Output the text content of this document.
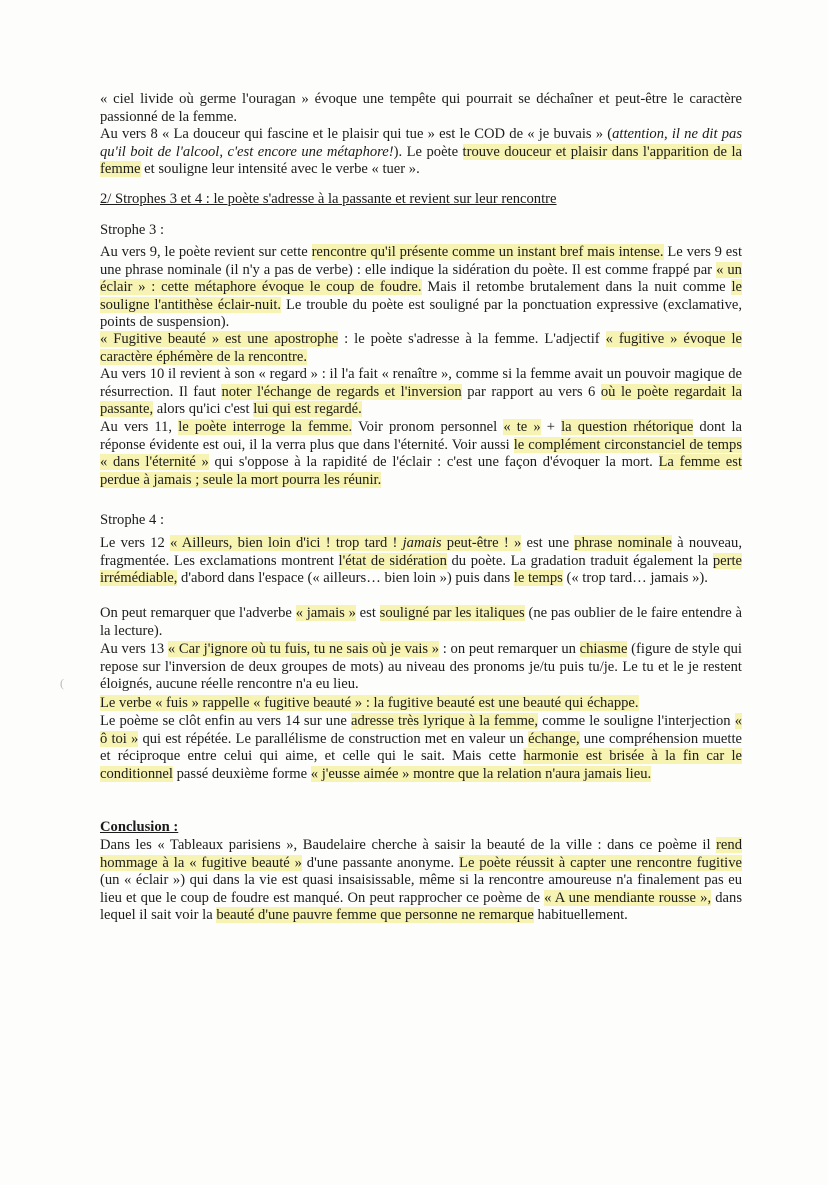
« ciel livide où germe l'ouragan » évoque une tempête qui pourrait se déchaîner et peut-être le caractère passionné de la femme.

Au vers 8 « La douceur qui fascine et le plaisir qui tue » est le COD de « je buvais » (attention, il ne dit pas qu'il boit de l'alcool, c'est encore une métaphore!). Le poète trouve douceur et plaisir dans l'apparition de la femme et souligne leur intensité avec le verbe « tuer ».

2/ Strophes 3 et 4 : le poète s'adresse à la passante et revient sur leur rencontre

Strophe 3 :

Au vers 9, le poète revient sur cette rencontre qu'il présente comme un instant bref mais intense. Le vers 9 est une phrase nominale (il n'y a pas de verbe) : elle indique la sidération du poète. Il est comme frappé par « un éclair » : cette métaphore évoque le coup de foudre. Mais il retombe brutalement dans la nuit comme le souligne l'antithèse éclair-nuit. Le trouble du poète est souligné par la ponctuation expressive (exclamative, points de suspension).

« Fugitive beauté » est une apostrophe : le poète s'adresse à la femme. L'adjectif « fugitive » évoque le caractère éphémère de la rencontre.

Au vers 10 il revient à son « regard » : il l'a fait « renaître », comme si la femme avait un pouvoir magique de résurrection. Il faut noter l'échange de regards et l'inversion par rapport au vers 6 où le poète regardait la passante, alors qu'ici c'est lui qui est regardé.

Au vers 11, le poète interroge la femme. Voir pronom personnel « te » + la question rhétorique dont la réponse évidente est oui, il la verra plus que dans l'éternité. Voir aussi le complément circonstanciel de temps « dans l'éternité » qui s'oppose à la rapidité de l'éclair : c'est une façon d'évoquer la mort. La femme est perdue à jamais ; seule la mort pourra les réunir.

Strophe 4 :

Le vers 12 « Ailleurs, bien loin d'ici ! trop tard ! jamais peut-être ! » est une phrase nominale à nouveau, fragmentée. Les exclamations montrent l'état de sidération du poète. La gradation traduit également la perte irrémédiable, d'abord dans l'espace (« ailleurs… bien loin ») puis dans le temps (« trop tard… jamais »).

On peut remarquer que l'adverbe « jamais » est souligné par les italiques (ne pas oublier de le faire entendre à la lecture).

Au vers 13 « Car j'ignore où tu fuis, tu ne sais où je vais » : on peut remarquer un chiasme (figure de style qui repose sur l'inversion de deux groupes de mots) au niveau des pronoms je/tu puis tu/je. Le tu et le je restent éloignés, aucune réelle rencontre n'a eu lieu.

Le verbe « fuis » rappelle « fugitive beauté » : la fugitive beauté est une beauté qui échappe.

Le poème se clôt enfin au vers 14 sur une adresse très lyrique à la femme, comme le souligne l'interjection « ô toi » qui est répétée. Le parallélisme de construction met en valeur un échange, une compréhension muette et réciproque entre celui qui aime, et celle qui le sait. Mais cette harmonie est brisée à la fin car le conditionnel passé deuxième forme « j'eusse aimée » montre que la relation n'aura jamais lieu.

Conclusion :

Dans les « Tableaux parisiens », Baudelaire cherche à saisir la beauté de la ville : dans ce poème il rend hommage à la « fugitive beauté » d'une passante anonyme. Le poète réussit à capter une rencontre fugitive (un « éclair ») qui dans la vie est quasi insaisissable, même si la rencontre amoureuse n'a finalement pas eu lieu et que le coup de foudre est manqué. On peut rapprocher ce poème de « A une mendiante rousse », dans lequel il sait voir la beauté d'une pauvre femme que personne ne remarque habituellement.

(
